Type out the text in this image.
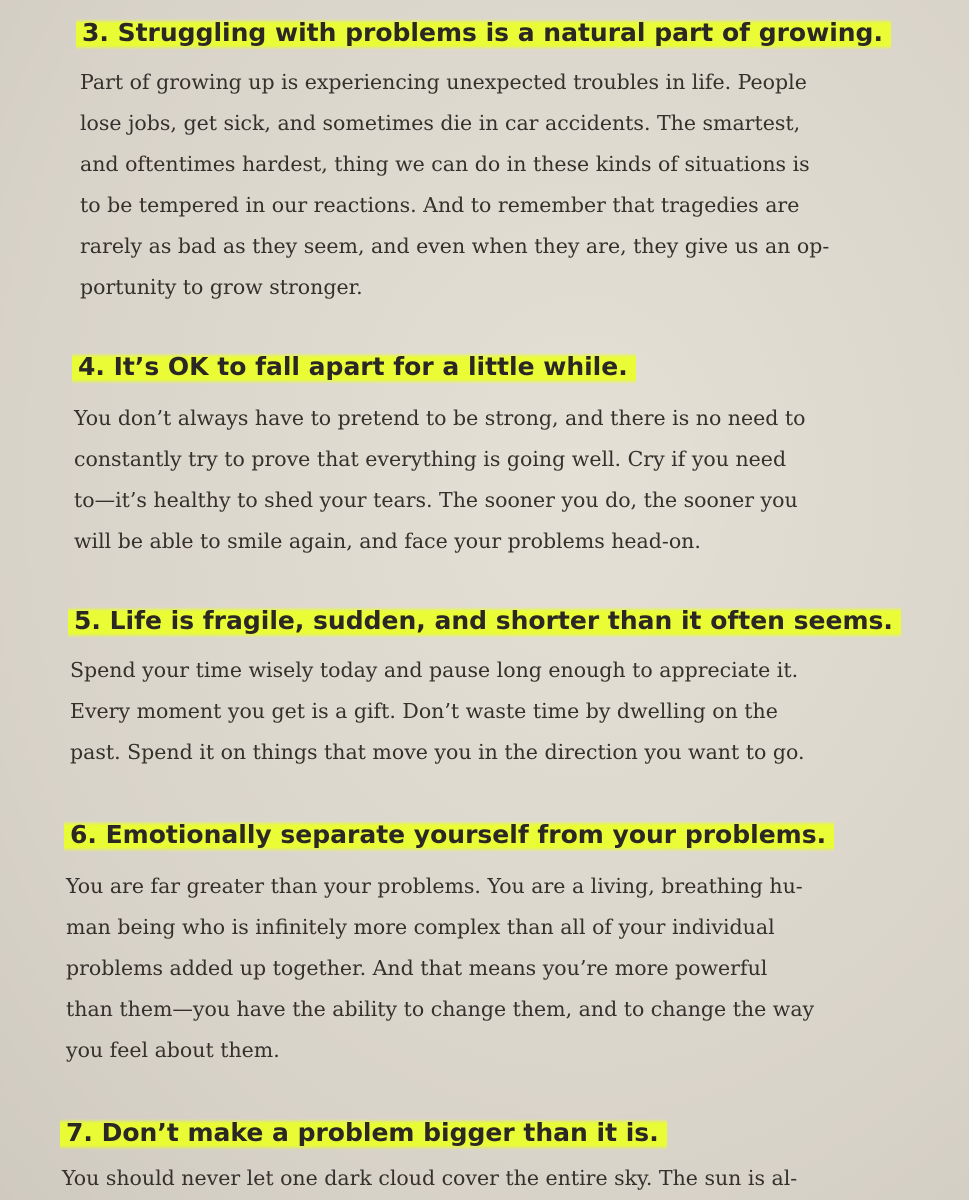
3. Struggling with problems is a natural part of growing.
Part of growing up is experiencing unexpected troubles in life. People
lose jobs, get sick, and sometimes die in car accidents. The smartest,
and oftentimes hardest, thing we can do in these kinds of situations is
to be tempered in our reactions. And to remember that tragedies are
rarely as bad as they seem, and even when they are, they give us an op-
portunity to grow stronger.
4. It’s OK to fall apart for a little while.
You don’t always have to pretend to be strong, and there is no need to
constantly try to prove that everything is going well. Cry if you need
to—it’s healthy to shed your tears. The sooner you do, the sooner you
will be able to smile again, and face your problems head-on.
5. Life is fragile, sudden, and shorter than it often seems.
Spend your time wisely today and pause long enough to appreciate it.
Every moment you get is a gift. Don’t waste time by dwelling on the
past. Spend it on things that move you in the direction you want to go.
6. Emotionally separate yourself from your problems.
You are far greater than your problems. You are a living, breathing hu-
man being who is infinitely more complex than all of your individual
problems added up together. And that means you’re more powerful
than them—you have the ability to change them, and to change the way
you feel about them.
7. Don’t make a problem bigger than it is.
You should never let one dark cloud cover the entire sky. The sun is al-
